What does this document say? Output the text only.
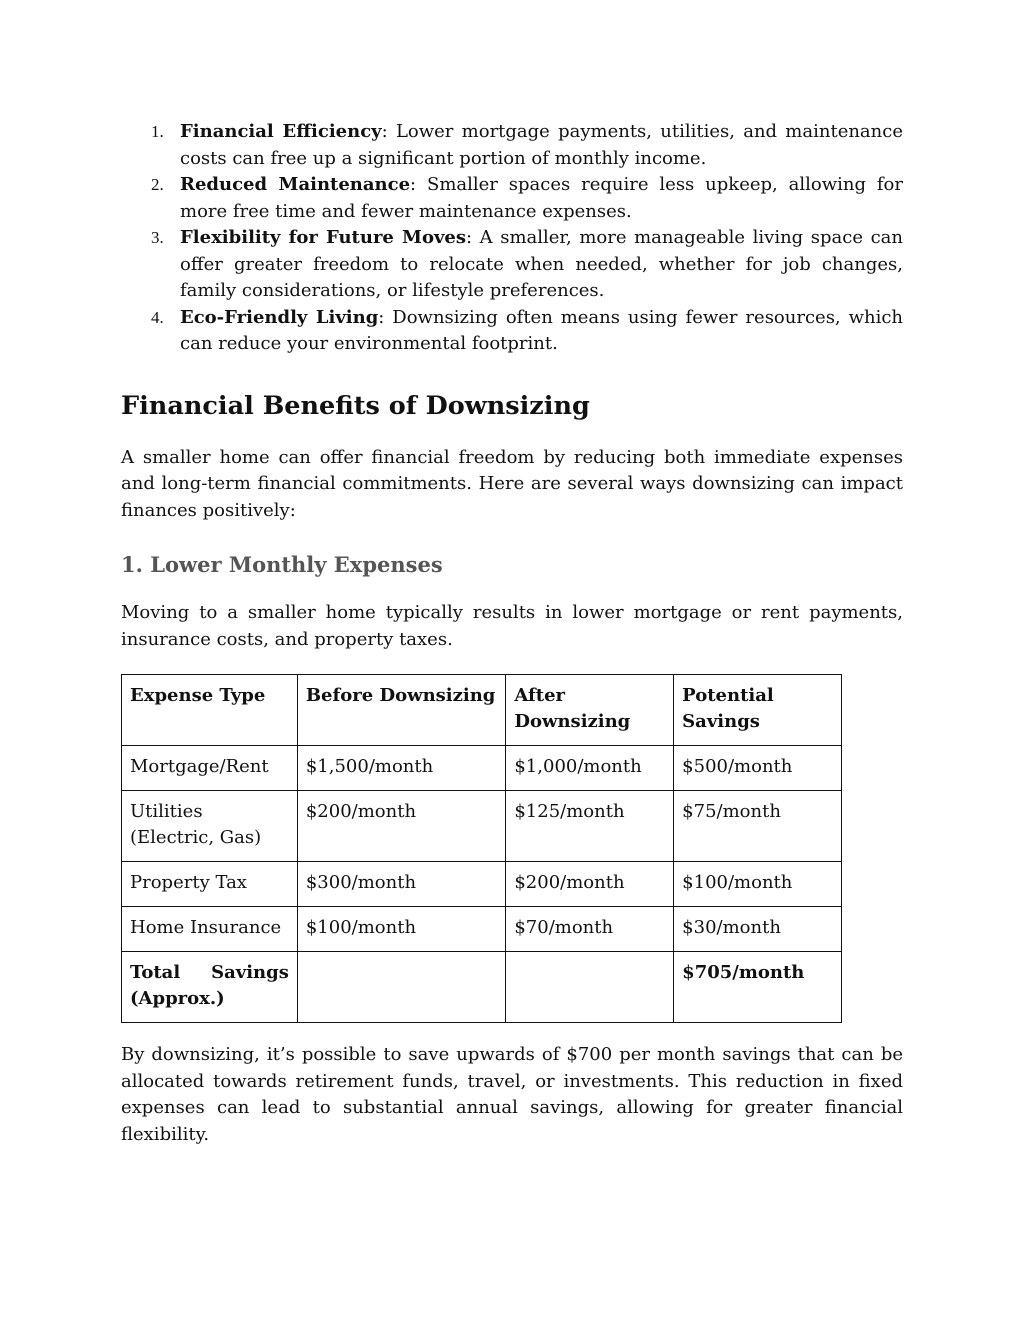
1. Financial Efficiency: Lower mortgage payments, utilities, and maintenance costs can free up a significant portion of monthly income.
2. Reduced Maintenance: Smaller spaces require less upkeep, allowing for more free time and fewer maintenance expenses.
3. Flexibility for Future Moves: A smaller, more manageable living space can offer greater freedom to relocate when needed, whether for job changes, family considerations, or lifestyle preferences.
4. Eco-Friendly Living: Downsizing often means using fewer resources, which can reduce your environmental footprint.
Financial Benefits of Downsizing

A smaller home can offer financial freedom by reducing both immediate expenses and long-term financial commitments. Here are several ways downsizing can impact finances positively:

1. Lower Monthly Expenses

Moving to a smaller home typically results in lower mortgage or rent payments, insurance costs, and property taxes.

Expense Type	Before Downsizing	After Downsizing	Potential Savings
Mortgage/Rent	$1,500/month	$1,000/month	$500/month
Utilities (Electric, Gas)	$200/month	$125/month	$75/month
Property Tax	$300/month	$200/month	$100/month
Home Insurance	$100/month	$70/month	$30/month
Total Savings (Approx.)			$705/month

By downsizing, it’s possible to save upwards of $700 per month savings that can be allocated towards retirement funds, travel, or investments. This reduction in fixed expenses can lead to substantial annual savings, allowing for greater financial flexibility.
